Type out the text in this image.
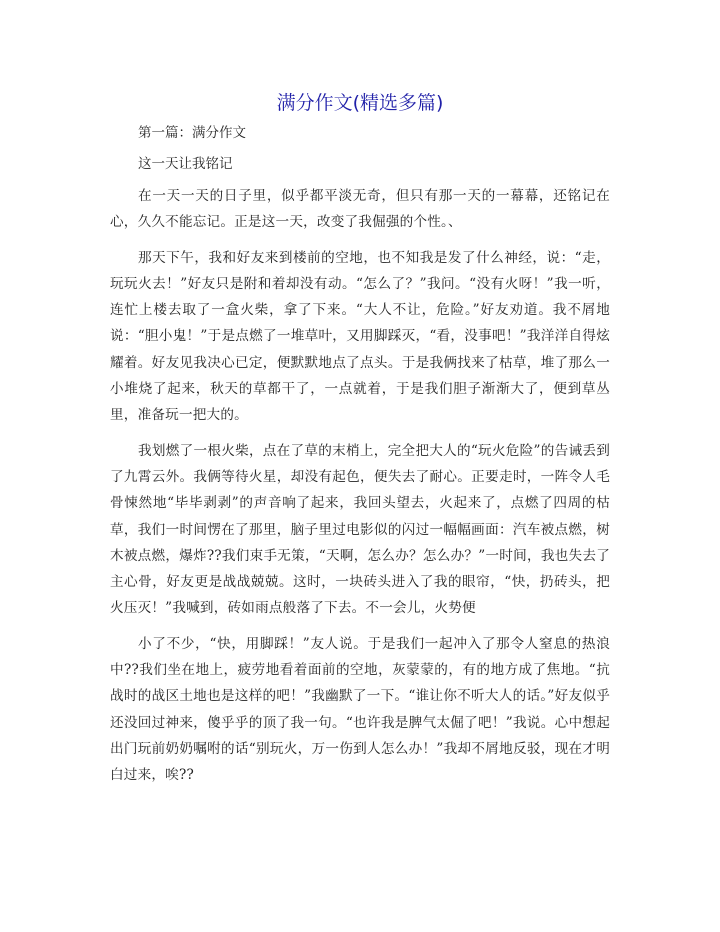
满分作文(精选多篇)

第一篇：满分作文

这一天让我铭记

在一天一天的日子里，似乎都平淡无奇，但只有那一天的一幕幕，还铭记在心，久久不能忘记。正是这一天，改变了我倔强的个性。、

那天下午，我和好友来到楼前的空地，也不知我是发了什么神经，说：“走，玩玩火去！”好友只是附和着却没有动。“怎么了？”我问。“没有火呀！”我一听，连忙上楼去取了一盒火柴，拿了下来。“大人不让，危险。”好友劝道。我不屑地说：“胆小鬼！”于是点燃了一堆草叶，又用脚踩灭，“看，没事吧！”我洋洋自得炫耀着。好友见我决心已定，便默默地点了点头。于是我俩找来了枯草，堆了那么一小堆烧了起来，秋天的草都干了，一点就着，于是我们胆子渐渐大了，便到草丛里，准备玩一把大的。

我划燃了一根火柴，点在了草的末梢上，完全把大人的“玩火危险”的告诫丢到了九霄云外。我俩等待火星，却没有起色，便失去了耐心。正要走时，一阵令人毛骨悚然地“毕毕剥剥”的声音响了起来，我回头望去，火起来了，点燃了四周的枯草，我们一时间愣在了那里，脑子里过电影似的闪过一幅幅画面：汽车被点燃，树木被点燃，爆炸??我们束手无策，“天啊，怎么办？怎么办？”一时间，我也失去了主心骨，好友更是战战兢兢。这时，一块砖头进入了我的眼帘，“快，扔砖头，把火压灭！”我喊到，砖如雨点般落了下去。不一会儿，火势便

小了不少，“快，用脚踩！”友人说。于是我们一起冲入了那令人窒息的热浪中??我们坐在地上，疲劳地看着面前的空地，灰蒙蒙的，有的地方成了焦地。“抗战时的战区土地也是这样的吧！”我幽默了一下。“谁让你不听大人的话。”好友似乎还没回过神来，傻乎乎的顶了我一句。“也许我是脾气太倔了吧！”我说。心中想起出门玩前奶奶嘱咐的话“别玩火，万一伤到人怎么办！”我却不屑地反驳，现在才明白过来，唉??
